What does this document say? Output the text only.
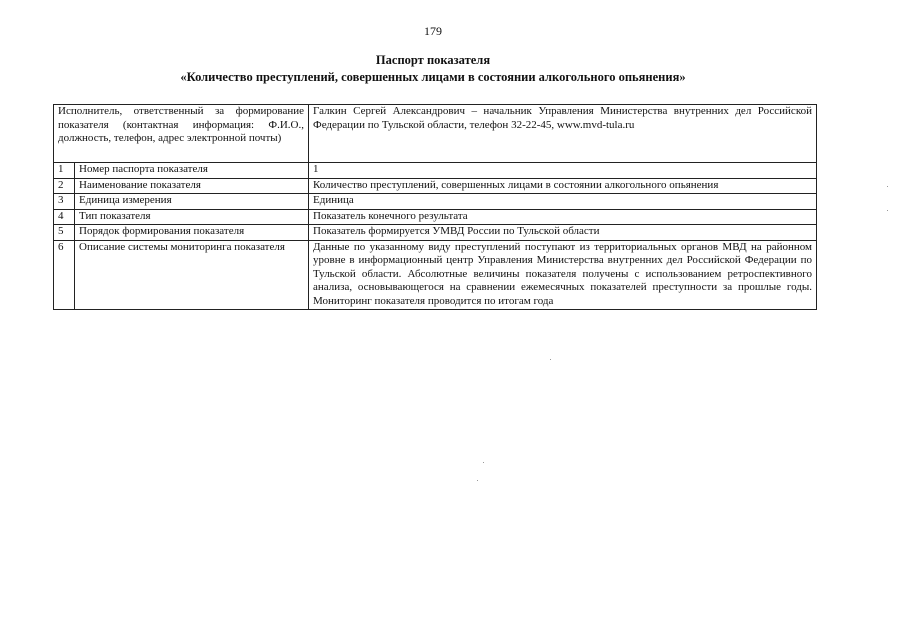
179
Паспорт показателя
«Количество преступлений, совершенных лицами в состоянии алкогольного опьянения»
Исполнитель, ответственный за формирование показателя (контактная информация: Ф.И.О., должность, телефон, адрес электронной почты)		Галкин Сергей Александрович – начальник Управления Министерства внутренних дел Российской Федерации по Тульской области, телефон 32-22-45, www.mvd-tula.ru
1	Номер паспорта показателя	1
2	Наименование показателя	Количество преступлений, совершенных лицами в состоянии алкогольного опьянения
3	Единица измерения	Единица
4	Тип показателя	Показатель конечного результата
5	Порядок формирования показателя	Показатель формируется УМВД России по Тульской области
6	Описание системы мониторинга показателя	Данные по указанному виду преступлений поступают из территориальных органов МВД на районном уровне в информационный центр Управления Министерства внутренних дел Российской Федерации по Тульской области. Абсолютные величины показателя получены с использованием ретроспективного анализа, основывающегося на сравнении ежемесячных показателей преступности за прошлые годы. Мониторинг показателя проводится по итогам года
